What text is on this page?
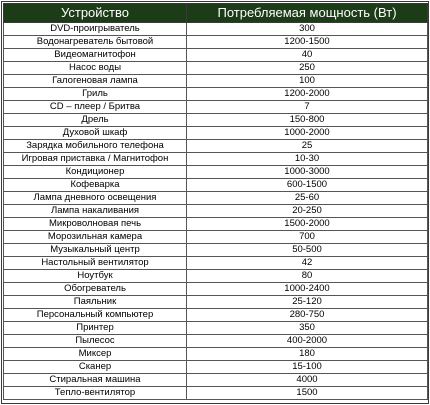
Устройство	Потребляемая мощность (Вт)
DVD-проигрыватель	300
Водонагреватель бытовой	1200-1500
Видеомагнитофон	40
Насос воды	250
Галогеновая лампа	100
Гриль	1200-2000
CD – плеер / Бритва	7
Дрель	150-800
Духовой шкаф	1000-2000
Зарядка мобильного телефона	25
Игровая приставка / Магнитофон	10-30
Кондиционер	1000-3000
Кофеварка	600-1500
Лампа дневного освещения	25-60
Лампа накаливания	20-250
Микроволновая печь	1500-2000
Морозильная камера	700
Музыкальный центр	50-500
Настольный вентилятор	42
Ноутбук	80
Обогреватель	1000-2400
Паяльник	25-120
Персональный компьютер	280-750
Принтер	350
Пылесос	400-2000
Миксер	180
Сканер	15-100
Стиральная машина	4000
Тепло-вентилятор	1500
